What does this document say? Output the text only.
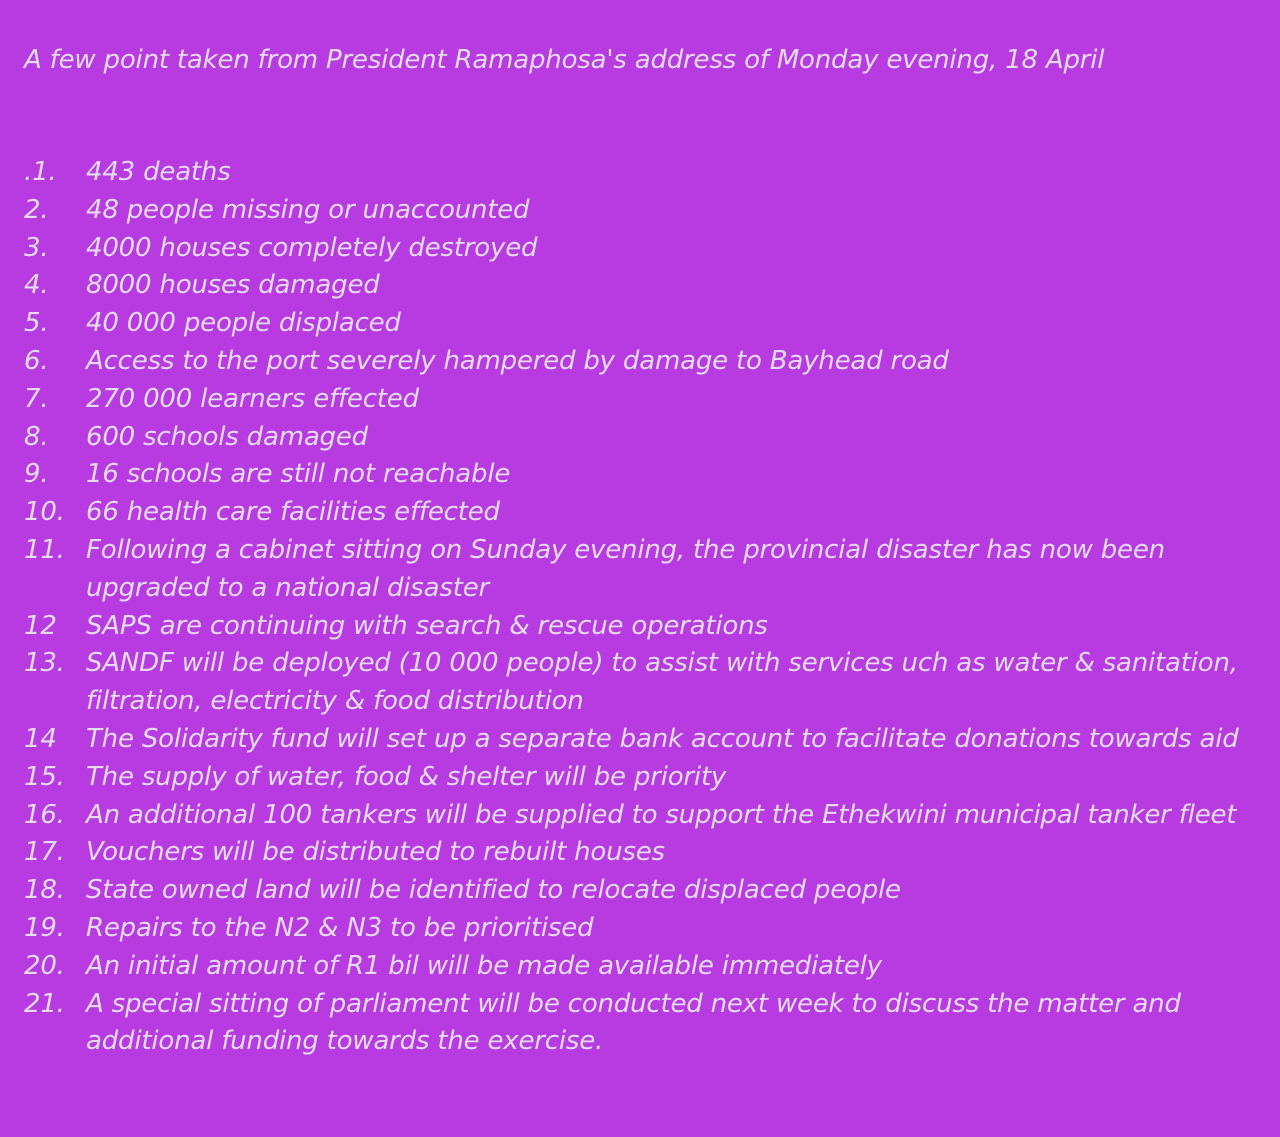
A few point taken from President Ramaphosa's address of Monday evening, 18 April
.1.	443 deaths
2.	48 people missing or unaccounted
3.	4000 houses completely destroyed
4.	8000 houses damaged
5.	40 000 people displaced
6.	Access to the port severely hampered by damage to Bayhead road
7.	270 000 learners effected
8.	600 schools damaged
9.	16 schools are still not reachable
10. 66 health care facilities effected
11. Following a cabinet sitting on Sunday evening, the provincial disaster has now been upgraded to a national disaster
12	SAPS are continuing with search & rescue operations
13. SANDF will be deployed (10 000 people) to assist with services uch as water & sanitation, filtration, electricity & food distribution
14	The Solidarity fund will set up a separate bank account to facilitate donations towards aid
15. The supply of water, food & shelter will be priority
16. An additional 100 tankers will be supplied to support the Ethekwini municipal tanker fleet
17. Vouchers will be distributed to rebuilt houses
18. State owned land will be identified to relocate displaced people
19. Repairs to the N2 & N3 to be prioritised
20. An initial amount of R1 bil will be made available immediately
21. A special sitting of parliament will be conducted next week to discuss the matter and additional funding towards the exercise.
